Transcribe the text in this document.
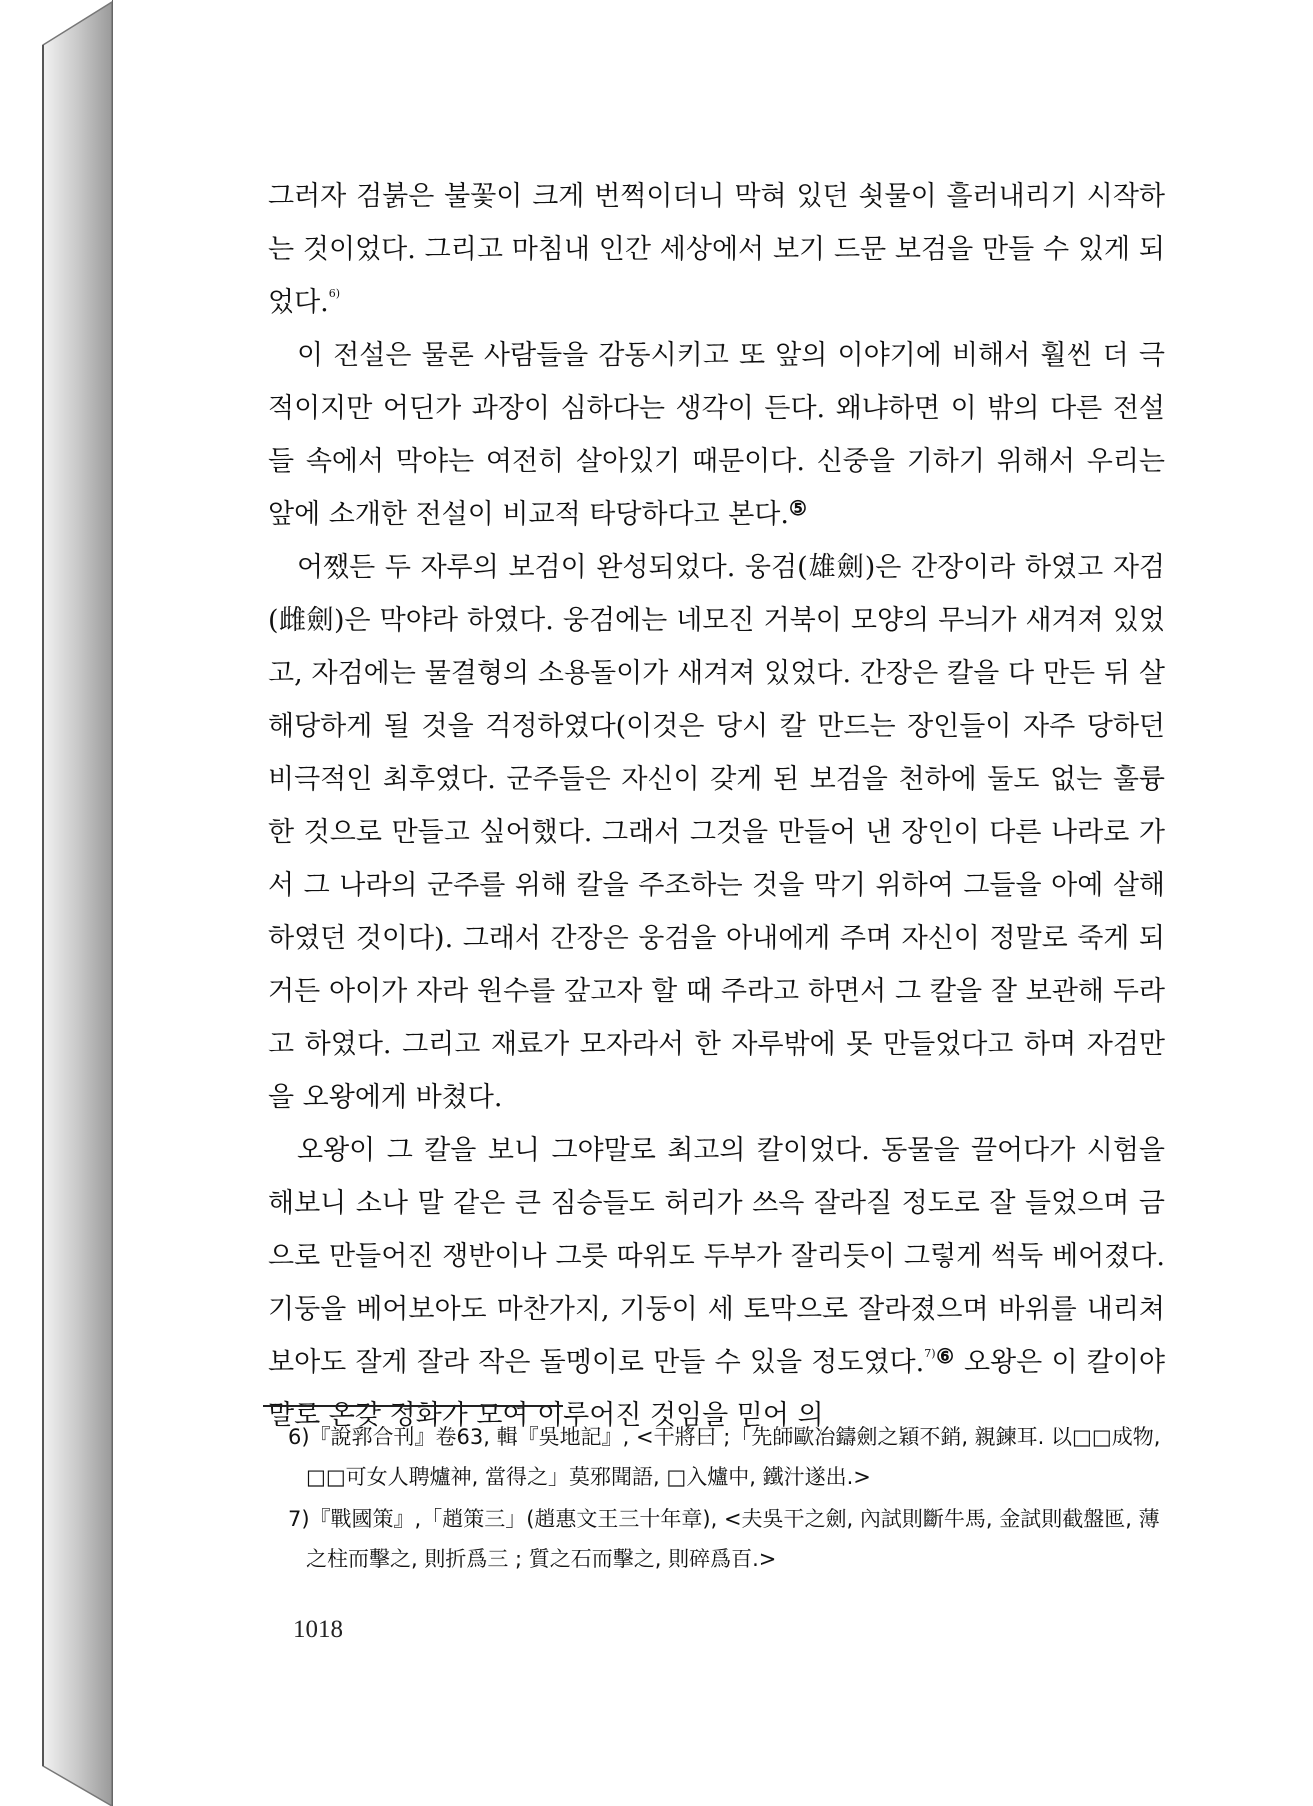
그러자 검붉은 불꽃이 크게 번쩍이더니 막혀 있던 쇳물이 흘러내리기 시작하는 것이었다. 그리고 마침내 인간 세상에서 보기 드문 보검을 만들 수 있게 되었다.$^{6)}$

이 전설은 물론 사람들을 감동시키고 또 앞의 이야기에 비해서 훨씬 더 극적이지만 어딘가 과장이 심하다는 생각이 든다. 왜냐하면 이 밖의 다른 전설들 속에서 막야는 여전히 살아있기 때문이다. 신중을 기하기 위해서 우리는 앞에 소개한 전설이 비교적 타당하다고 본다.⑤

어쨌든 두 자루의 보검이 완성되었다. 웅검(雄劍)은 간장이라 하였고 자검(雌劍)은 막야라 하였다. 웅검에는 네모진 거북이 모양의 무늬가 새겨져 있었고, 자검에는 물결형의 소용돌이가 새겨져 있었다. 간장은 칼을 다 만든 뒤 살해당하게 될 것을 걱정하였다(이것은 당시 칼 만드는 장인들이 자주 당하던 비극적인 최후였다. 군주들은 자신이 갖게 된 보검을 천하에 둘도 없는 훌륭한 것으로 만들고 싶어했다. 그래서 그것을 만들어 낸 장인이 다른 나라로 가서 그 나라의 군주를 위해 칼을 주조하는 것을 막기 위하여 그들을 아예 살해하였던 것이다). 그래서 간장은 웅검을 아내에게 주며 자신이 정말로 죽게 되거든 아이가 자라 원수를 갚고자 할 때 주라고 하면서 그 칼을 잘 보관해 두라고 하였다. 그리고 재료가 모자라서 한 자루밖에 못 만들었다고 하며 자검만을 오왕에게 바쳤다.

오왕이 그 칼을 보니 그야말로 최고의 칼이었다. 동물을 끌어다가 시험을 해보니 소나 말 같은 큰 짐승들도 허리가 쓰윽 잘라질 정도로 잘 들었으며 금으로 만들어진 쟁반이나 그릇 따위도 두부가 잘리듯이 그렇게 썩둑 베어졌다. 기둥을 베어보아도 마찬가지, 기둥이 세 토막으로 잘라졌으며 바위를 내리쳐 보아도 잘게 잘라 작은 돌멩이로 만들 수 있을 정도였다.$^{7)⑥}$ 오왕은 이 칼이야말로 온갖 정화가 모여 이루어진 것임을 믿어 의

6)『說郛合刊』卷63, 輯『吳地記』, <干將曰 ;「先師歐冶鑄劍之穎不銷, 親鍊耳. 以□□成物, □□可女人聘爐神, 當得之」莫邪聞語, □入爐中, 鐵汁遂出.>

7)『戰國策』,「趙策三」(趙惠文王三十年章), <夫吳干之劍, 內試則斷牛馬, 金試則截盤匜, 薄之柱而擊之, 則折爲三 ; 質之石而擊之, 則碎爲百.>

1018
